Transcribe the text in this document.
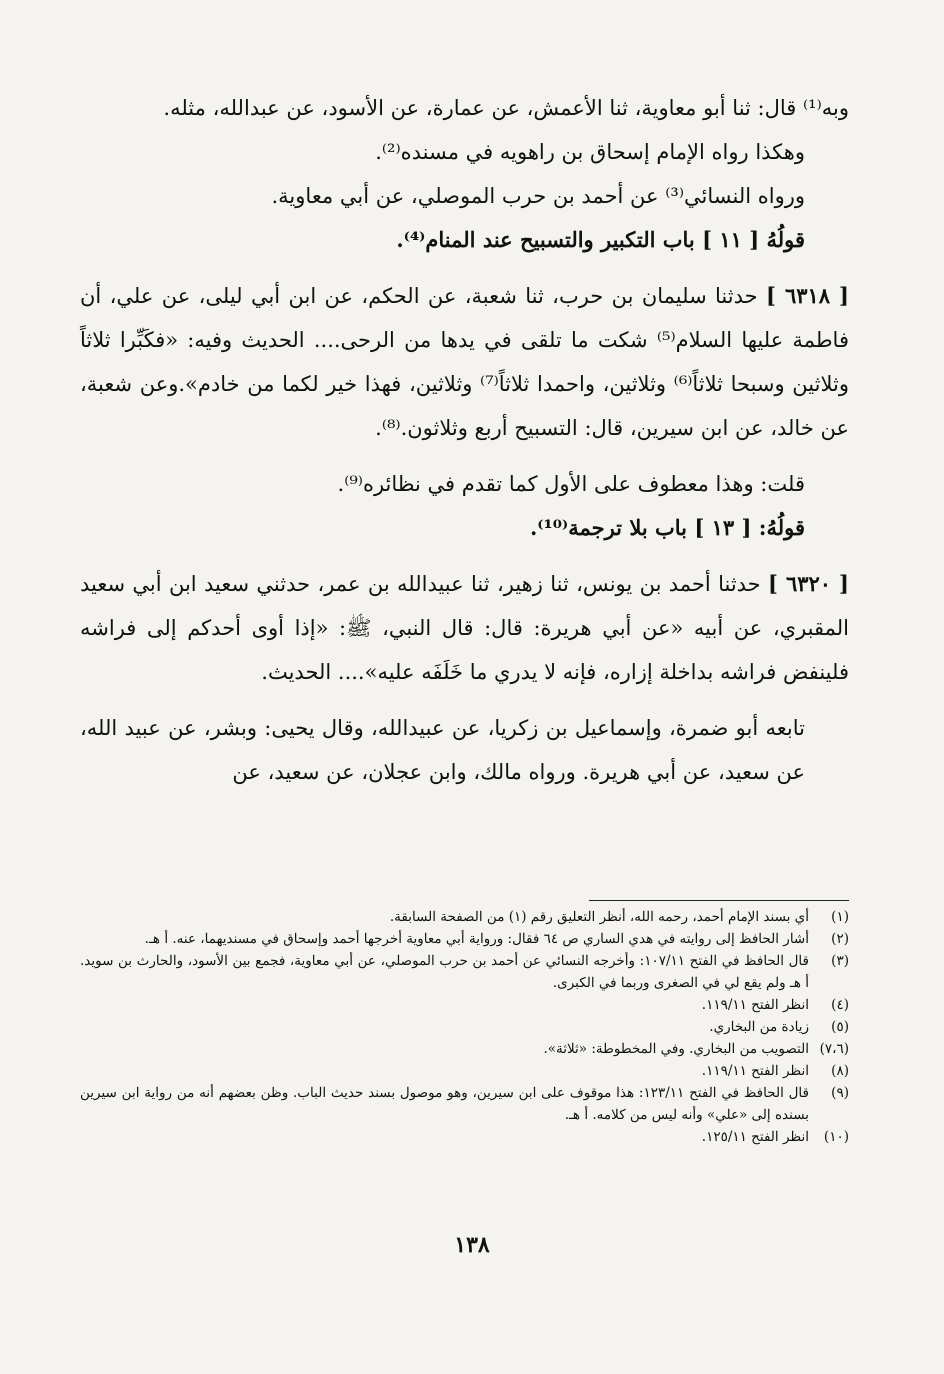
وبه⁽¹⁾ قال: ثنا أبو معاوية، ثنا الأعمش، عن عمارة، عن الأسود، عن عبدالله، مثله.

وهكذا رواه الإمام إسحاق بن راهويه في مسنده⁽²⁾.

ورواه النسائي⁽³⁾ عن أحمد بن حرب الموصلي، عن أبي معاوية.

قولُهُ [ ١١ ] باب التكبير والتسبيح عند المنام⁽⁴⁾.

[ ٦٣١٨ ] حدثنا سليمان بن حرب، ثنا شعبة، عن الحكم، عن ابن أبي ليلى، عن علي، أن فاطمة عليها السلام⁽⁵⁾ شكت ما تلقى في يدها من الرحى.... الحديث وفيه: «فكَبِّرا ثلاثاً وثلاثين وسبحا ثلاثاً⁽⁶⁾ وثلاثين، واحمدا ثلاثاً⁽⁷⁾ وثلاثين، فهذا خير لكما من خادم».وعن شعبة، عن خالد، عن ابن سيرين، قال: التسبيح أربع وثلاثون.⁽⁸⁾.

قلت: وهذا معطوف على الأول كما تقدم في نظائره⁽⁹⁾.

قولُهُ: [ ١٣ ] باب بلا ترجمة⁽¹⁰⁾.

[ ٦٣٢٠ ] حدثنا أحمد بن يونس، ثنا زهير، ثنا عبيدالله بن عمر، حدثني سعيد ابن أبي سعيد المقبري، عن أبيه «عن أبي هريرة: قال: قال النبي، ﷺ: «إذا أوى أحدكم إلى فراشه فلينفض فراشه بداخلة إزاره، فإنه لا يدري ما خَلَفَه عليه».... الحديث.

تابعه أبو ضمرة، وإسماعيل بن زكريا، عن عبيدالله، وقال يحيى: وبشر، عن عبيد الله، عن سعيد، عن أبي هريرة. ورواه مالك، وابن عجلان، عن سعيد، عن

(١)
أي بسند الإمام أحمد، رحمه الله، أنظر التعليق رقم (١) من الصفحة السابقة.
(٢)
أشار الحافظ إلى روايته في هدي الساري ص ٦٤ فقال: ورواية أبي معاوية أخرجها أحمد وإسحاق في مسنديهما، عنه. أ هـ.
(٣)
قال الحافظ في الفتح ١٠٧/١١: وأخرجه النسائي عن أحمد بن حرب الموصلي، عن أبي معاوية، فجمع بين الأسود، والحارث بن سويد. أ هـ ولم يقع لي في الصغرى وربما في الكبرى.
(٤)
انظر الفتح ١١٩/١١.
(٥)
زيادة من البخاري.
(٧،٦)
التصويب من البخاري. وفي المخطوطة: «ثلاثة».
(٨)
انظر الفتح ١١٩/١١.
(٩)
قال الحافظ في الفتح ١٢٣/١١: هذا موقوف على ابن سيرين، وهو موصول بسند حديث الباب. وظن بعضهم أنه من رواية ابن سيرين بسنده إلى «علي» وأنه ليس من كلامه. أ هـ.
(١٠)
انظر الفتح ١٢٥/١١.
١٣٨
